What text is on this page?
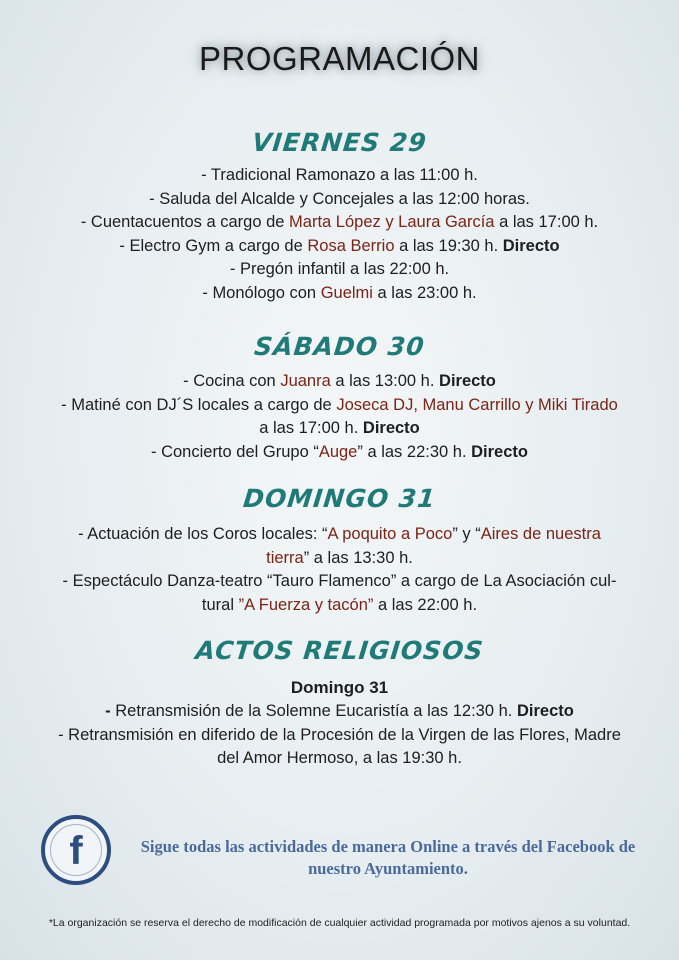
PROGRAMACIÓN
VIERNES 29
- Tradicional Ramonazo a las 11:00 h.
- Saluda del Alcalde y Concejales a las 12:00 horas.
- Cuentacuentos a cargo de Marta López y Laura García a las 17:00 h.
- Electro Gym a cargo de Rosa Berrio a las 19:30 h. Directo
- Pregón infantil a las 22:00 h.
- Monólogo con Guelmi a las 23:00 h.
SÁBADO 30
- Cocina con Juanra a las 13:00 h. Directo
- Matiné con DJ´S locales a cargo de Joseca DJ, Manu Carrillo y Miki Tirado
a las 17:00 h. Directo
- Concierto del Grupo “Auge” a las 22:30 h. Directo
DOMINGO 31
- Actuación de los Coros locales: “A poquito a Poco” y “Aires de nuestra
tierra” a las 13:30 h.
- Espectáculo Danza-teatro “Tauro Flamenco” a cargo de La Asociación cul-
tural ”A Fuerza y tacón” a las 22:00 h.
ACTOS RELIGIOSOS
Domingo 31
- Retransmisión de la Solemne Eucaristía a las 12:30 h. Directo
- Retransmisión en diferido de la Procesión de la Virgen de las Flores, Madre
del Amor Hermoso, a las 19:30 h.
f	Sigue todas las actividades de manera Online a través del Facebook de
nuestro Ayuntamiento.
*La organización se reserva el derecho de modificación de cualquier actividad programada por motivos ajenos a su voluntad.
